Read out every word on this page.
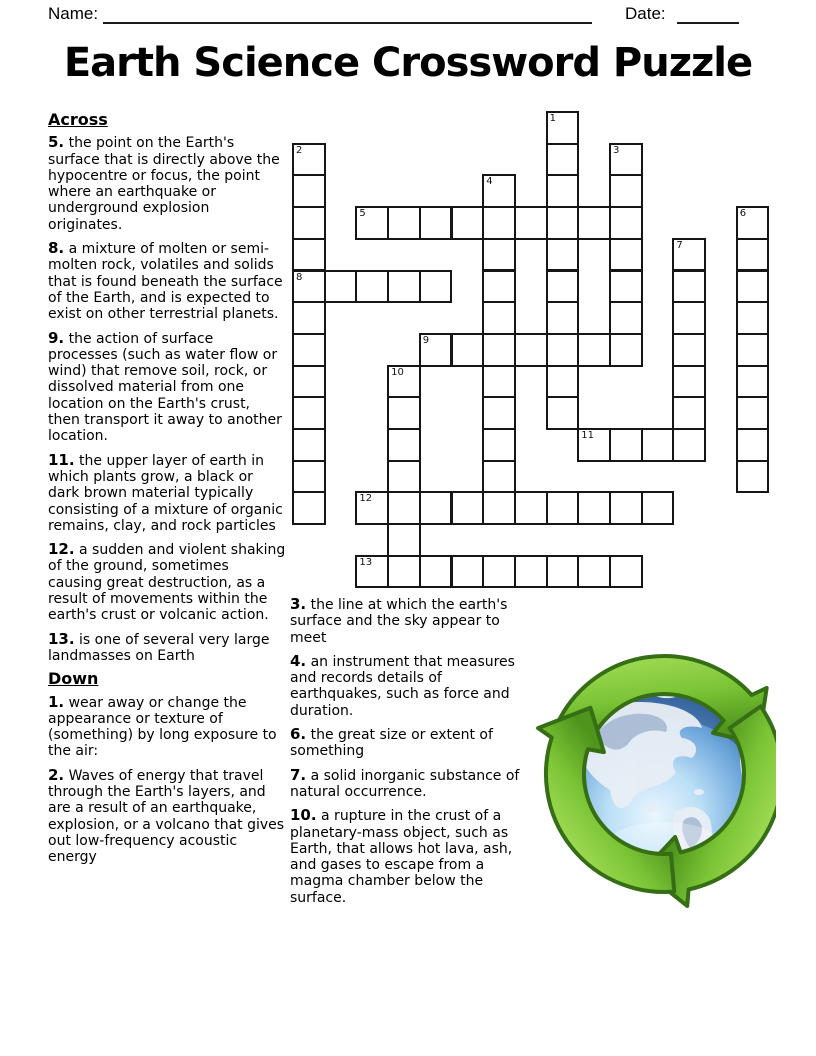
Name:	Date:
Earth Science Crossword Puzzle
1
2	3
4
5	6
7
8
9
10
11
12
13
Across

5. the point on the Earth's surface that is directly above the hypocentre or focus, the point where an earthquake or underground explosion originates.

8. a mixture of molten or semi-molten rock, volatiles and solids that is found beneath the surface of the Earth, and is expected to exist on other terrestrial planets.

9. the action of surface processes (such as water flow or wind) that remove soil, rock, or dissolved material from one location on the Earth's crust, then transport it away to another location.

11. the upper layer of earth in which plants grow, a black or dark brown material typically consisting of a mixture of organic remains, clay, and rock particles

12. a sudden and violent shaking of the ground, sometimes causing great destruction, as a result of movements within the earth's crust or volcanic action.

13. is one of several very large landmasses on Earth

Down

1. wear away or change the appearance or texture of (something) by long exposure to the air:

2. Waves of energy that travel through the Earth's layers, and are a result of an earthquake, explosion, or a volcano that gives out low-frequency acoustic energy

3. the line at which the earth's surface and the sky appear to meet

4. an instrument that measures and records details of earthquakes, such as force and duration.

6. the great size or extent of something

7. a solid inorganic substance of natural occurrence.

10. a rupture in the crust of a planetary-mass object, such as Earth, that allows hot lava, ash, and gases to escape from a magma chamber below the surface.
